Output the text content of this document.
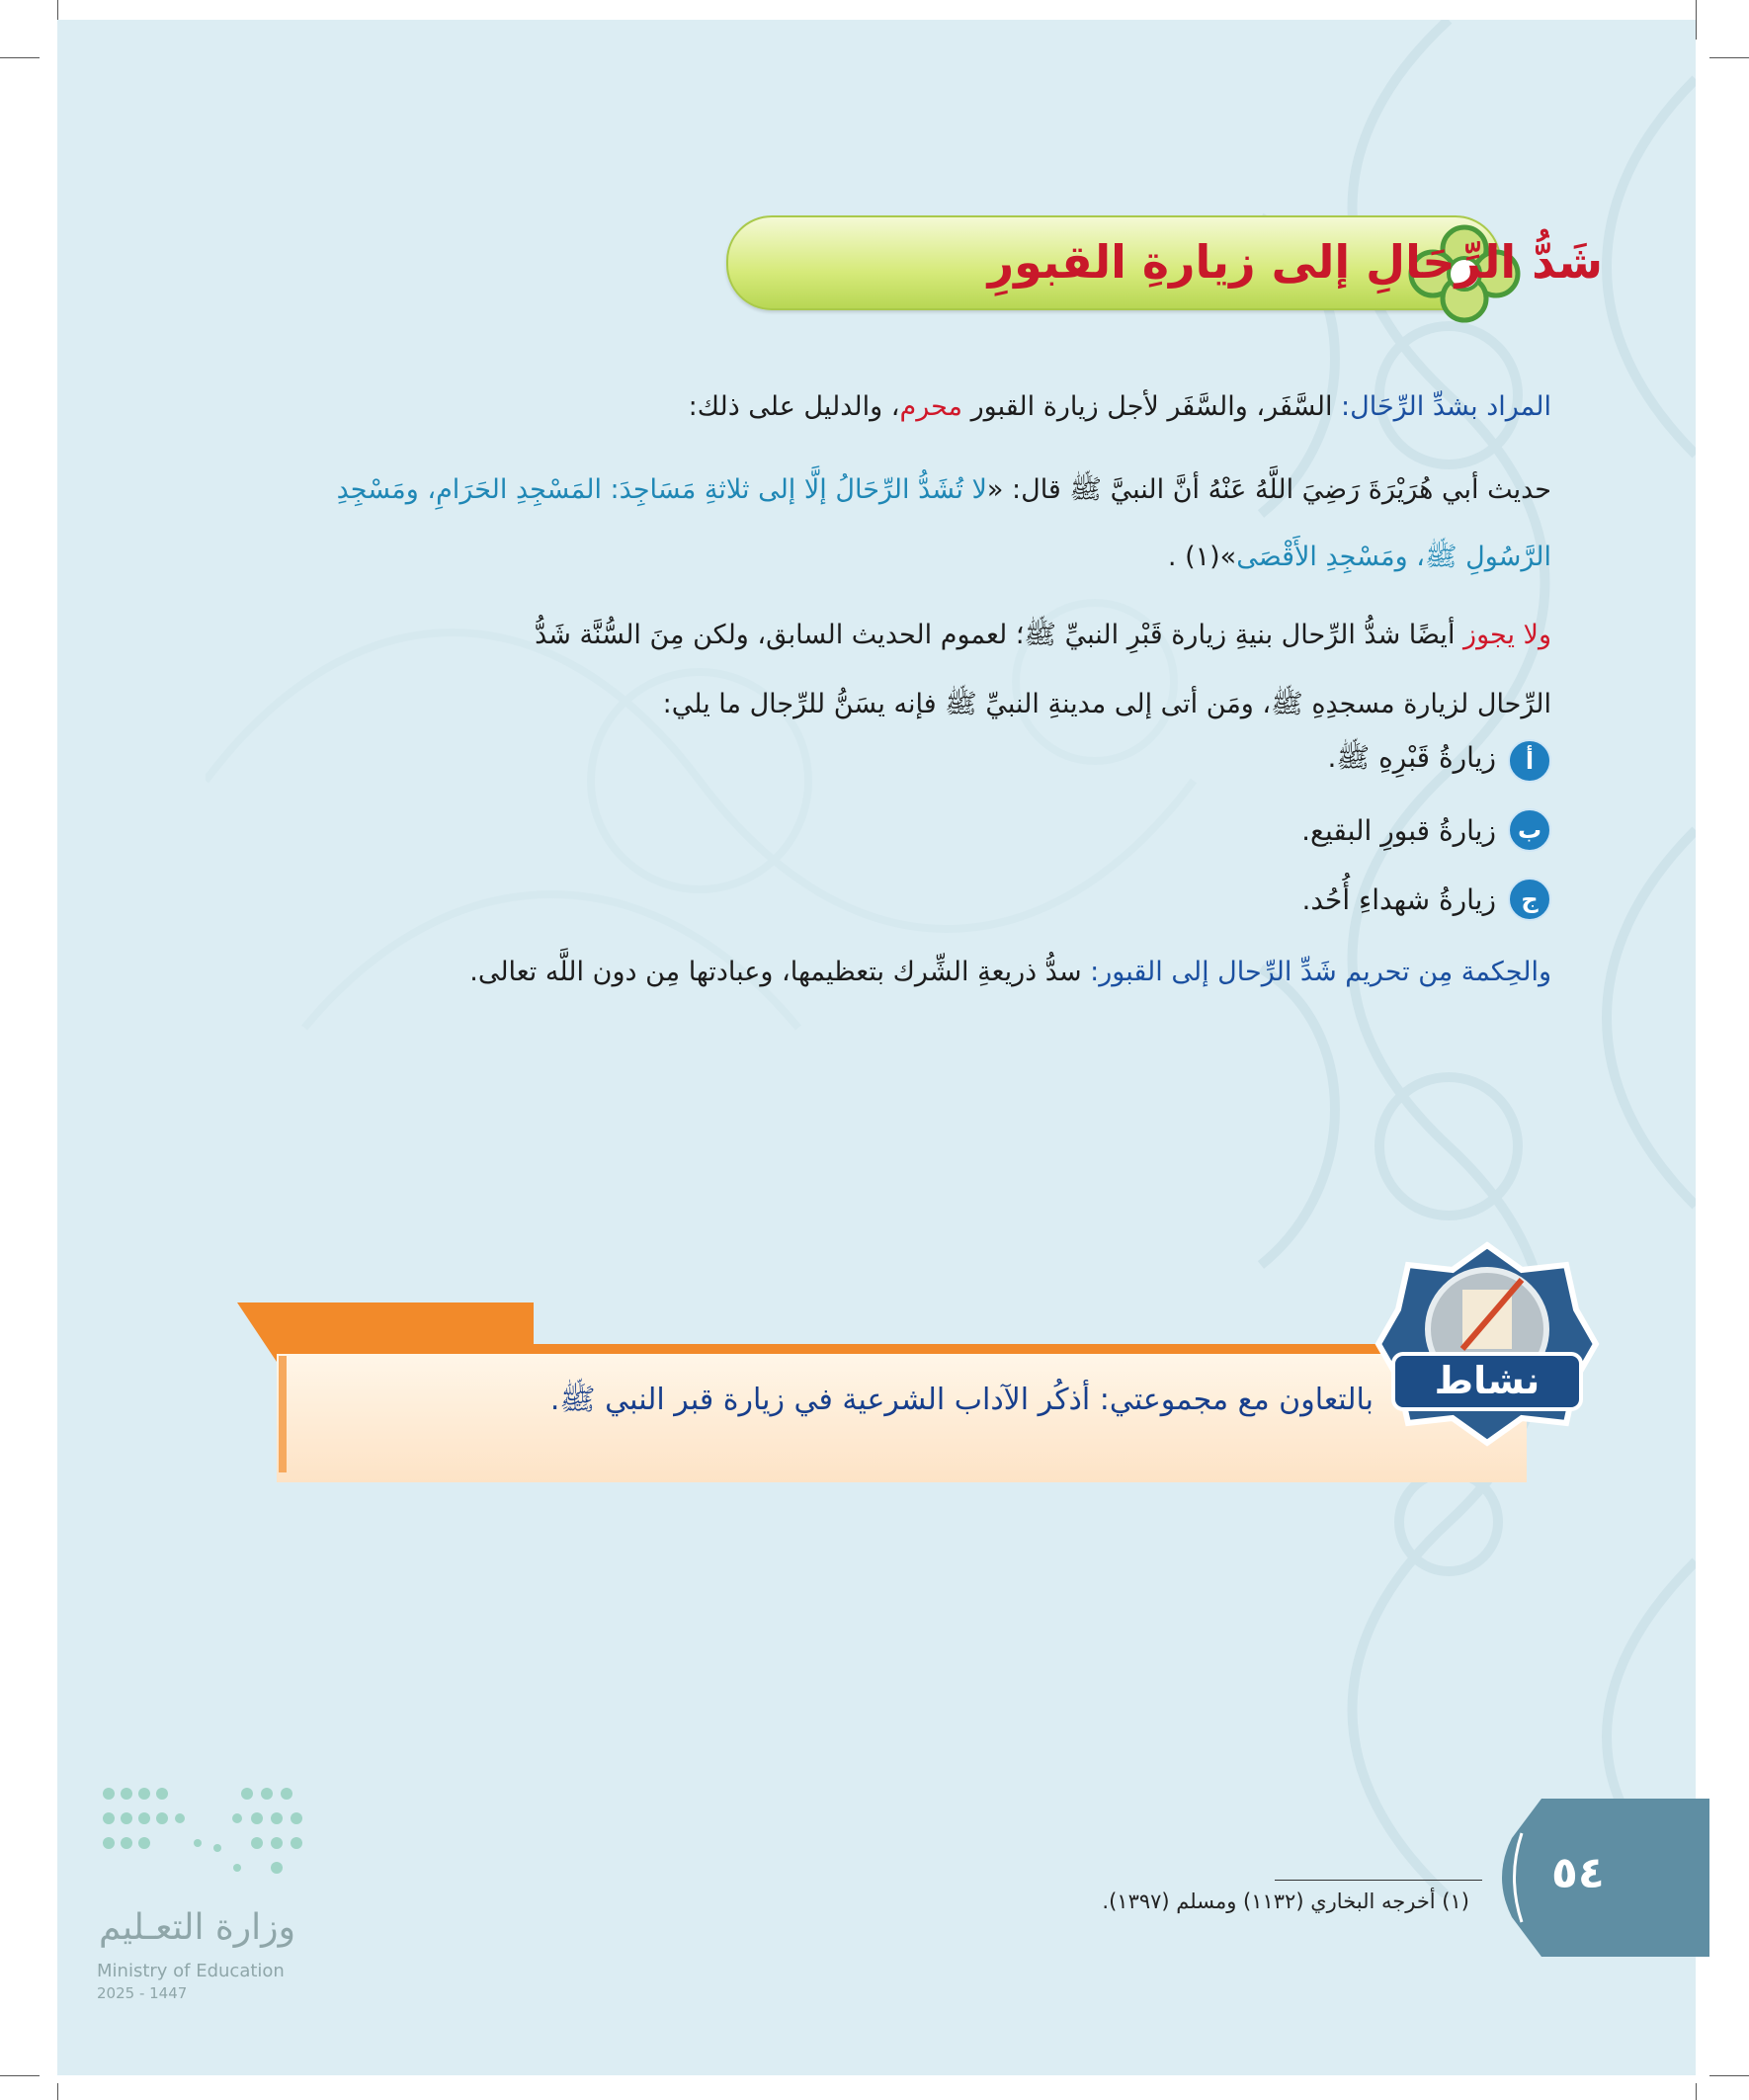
شَدُّ الرِّحَالِ إلى زيارةِ القبورِ
المراد بشدِّ الرِّحَال: السَّفَر، والسَّفَر لأجل زيارة القبور محرم، والدليل على ذلك:
حديث أبي هُرَيْرَةَ رَضِيَ اللَّهُ عَنْهُ أنَّ النبيَّ ﷺ قال: «لا تُشَدُّ الرِّحَالُ إلَّا إلى ثلاثةِ مَسَاجِدَ: المَسْجِدِ الحَرَامِ، ومَسْجِدِ
الرَّسُولِ ﷺ، ومَسْجِدِ الأَقْصَى»(١) .
ولا يجوز أيضًا شدُّ الرِّحال بنيةِ زيارة قَبْرِ النبيِّ ﷺ؛ لعموم الحديث السابق، ولكن مِنَ السُّنَّة شَدُّ
الرِّحال لزيارة مسجدِهِ ﷺ، ومَن أتى إلى مدينةِ النبيِّ ﷺ فإنه يسَنُّ للرِّجال ما يلي:
أ
زيارةُ قَبْرِهِ ﷺ.
ب
زيارةُ قبورِ البقيع.
ج
زيارةُ شهداءِ أُحُد.
والحِكمة مِن تحريم شَدِّ الرِّحال إلى القبور: سدُّ ذريعةِ الشِّرك بتعظيمها، وعبادتها مِن دون اللَّه تعالى.
بالتعاون مع مجموعتي: أذكُر الآداب الشرعية في زيارة قبر النبي ﷺ. نشاط
(١) أخرجه البخاري (١١٣٢) ومسلم (١٣٩٧).
٥٤
وزارة التعـليم
Ministry of Education
2025 - 1447
